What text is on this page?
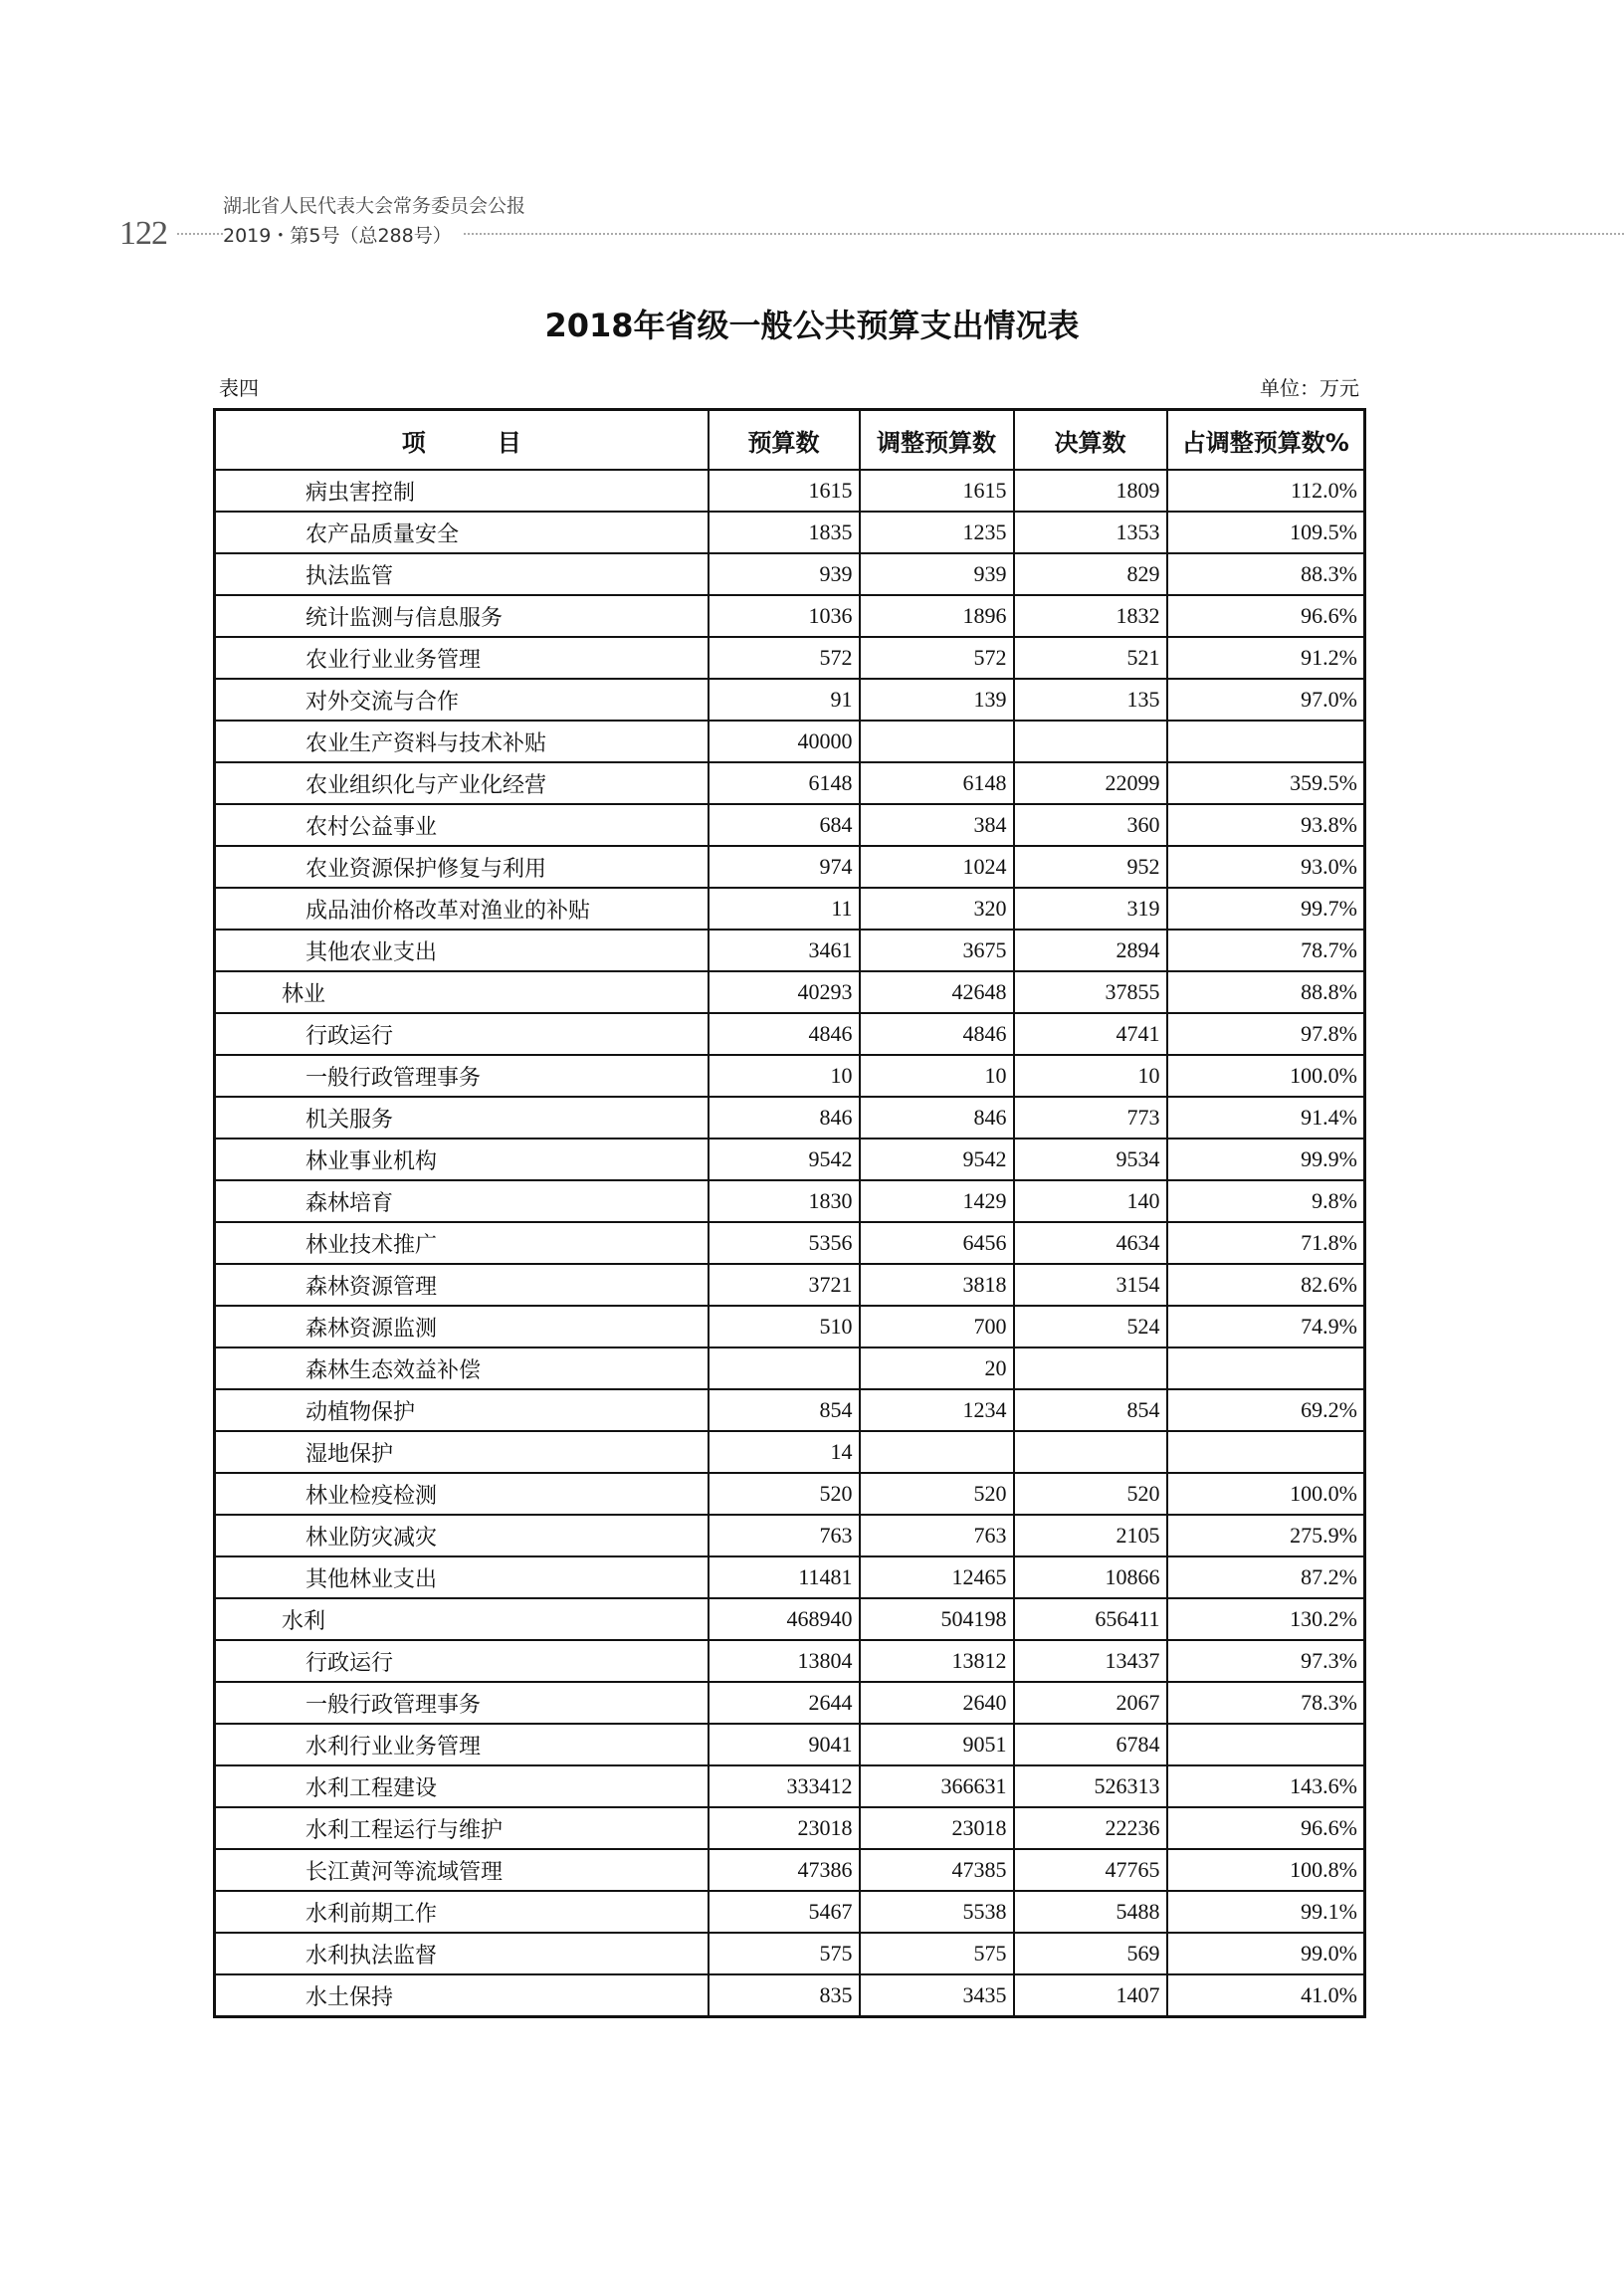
122
湖北省人民代表大会常务委员会公报
2019・第5号（总288号）
2018年省级一般公共预算支出情况表
表四	单位：万元
项　　　目	预算数	调整预算数	决算数	占调整预算数%
病虫害控制	1615	1615	1809	112.0%
农产品质量安全	1835	1235	1353	109.5%
执法监管	939	939	829	88.3%
统计监测与信息服务	1036	1896	1832	96.6%
农业行业业务管理	572	572	521	91.2%
对外交流与合作	91	139	135	97.0%
农业生产资料与技术补贴	40000			
农业组织化与产业化经营	6148	6148	22099	359.5%
农村公益事业	684	384	360	93.8%
农业资源保护修复与利用	974	1024	952	93.0%
成品油价格改革对渔业的补贴	11	320	319	99.7%
其他农业支出	3461	3675	2894	78.7%
林业	40293	42648	37855	88.8%
行政运行	4846	4846	4741	97.8%
一般行政管理事务	10	10	10	100.0%
机关服务	846	846	773	91.4%
林业事业机构	9542	9542	9534	99.9%
森林培育	1830	1429	140	9.8%
林业技术推广	5356	6456	4634	71.8%
森林资源管理	3721	3818	3154	82.6%
森林资源监测	510	700	524	74.9%
森林生态效益补偿		20		
动植物保护	854	1234	854	69.2%
湿地保护	14			
林业检疫检测	520	520	520	100.0%
林业防灾减灾	763	763	2105	275.9%
其他林业支出	11481	12465	10866	87.2%
水利	468940	504198	656411	130.2%
行政运行	13804	13812	13437	97.3%
一般行政管理事务	2644	2640	2067	78.3%
水利行业业务管理	9041	9051	6784	
水利工程建设	333412	366631	526313	143.6%
水利工程运行与维护	23018	23018	22236	96.6%
长江黄河等流域管理	47386	47385	47765	100.8%
水利前期工作	5467	5538	5488	99.1%
水利执法监督	575	575	569	99.0%
水土保持	835	3435	1407	41.0%
